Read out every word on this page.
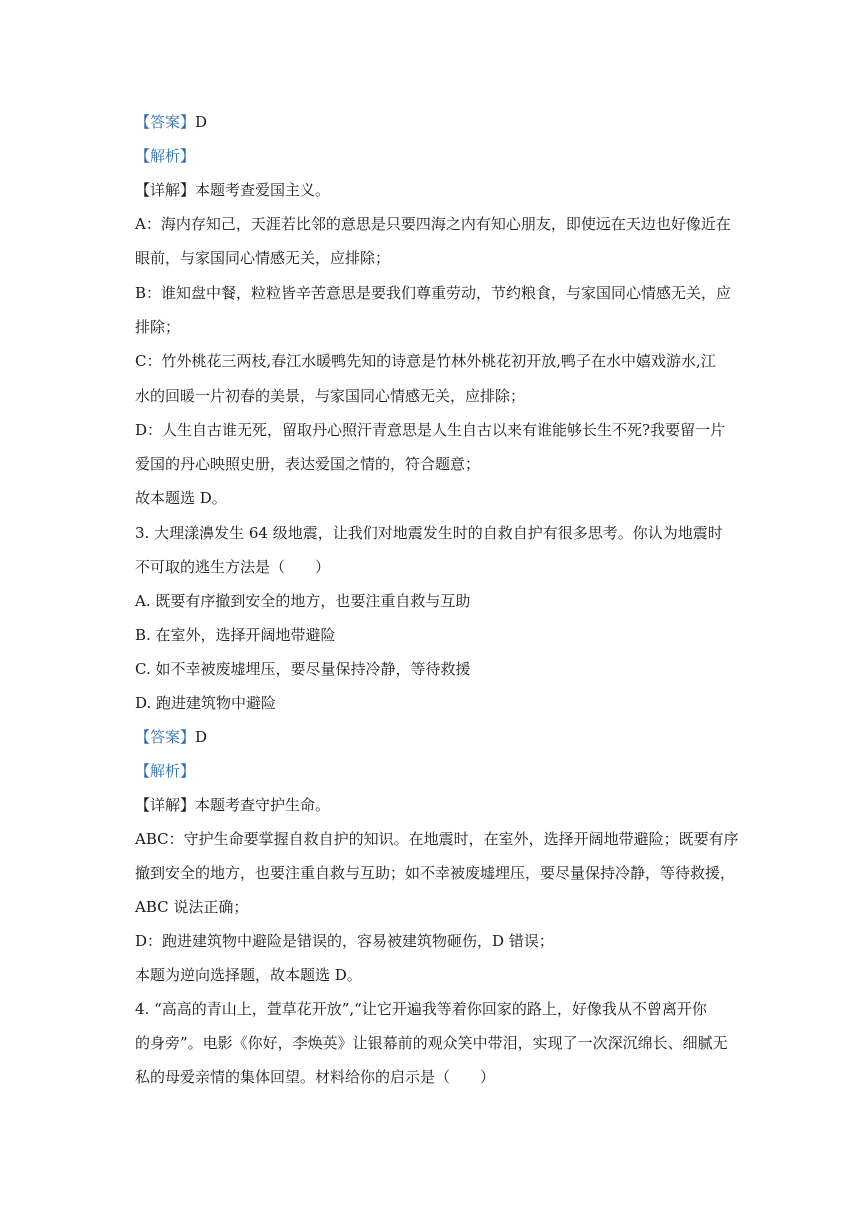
【答案】D
【解析】
【详解】本题考查爱国主义。
A：海内存知己，天涯若比邻的意思是只要四海之内有知心朋友，即使远在天边也好像近在
眼前，与家国同心情感无关，应排除；
B：谁知盘中餐，粒粒皆辛苦意思是要我们尊重劳动，节约粮食，与家国同心情感无关，应
排除；
C：竹外桃花三两枝,春江水暖鸭先知的诗意是竹林外桃花初开放,鸭子在水中嬉戏游水,江
水的回暖一片初春的美景，与家国同心情感无关，应排除；
D：人生自古谁无死，留取丹心照汗青意思是人生自古以来有谁能够长生不死?我要留一片
爱国的丹心映照史册，表达爱国之情的，符合题意；
故本题选 D。
3. 大理漾濞发生 64 级地震，让我们对地震发生时的自救自护有很多思考。你认为地震时
不可取的逃生方法是（　　）
A. 既要有序撤到安全的地方，也要注重自救与互助
B. 在室外，选择开阔地带避险
C. 如不幸被废墟埋压，要尽量保持冷静，等待救援
D. 跑进建筑物中避险
【答案】D
【解析】
【详解】本题考查守护生命。
ABC：守护生命要掌握自救自护的知识。在地震时，在室外，选择开阔地带避险；既要有序
撤到安全的地方，也要注重自救与互助；如不幸被废墟埋压，要尽量保持冷静，等待救援，
ABC 说法正确；
D：跑进建筑物中避险是错误的，容易被建筑物砸伤，D 错误；
本题为逆向选择题，故本题选 D。
4. “高高的青山上，萱草花开放”,“让它开遍我等着你回家的路上，好像我从不曾离开你
的身旁”。电影《你好，李焕英》让银幕前的观众笑中带泪，实现了一次深沉绵长、细腻无
私的母爱亲情的集体回望。材料给你的启示是（　　）
